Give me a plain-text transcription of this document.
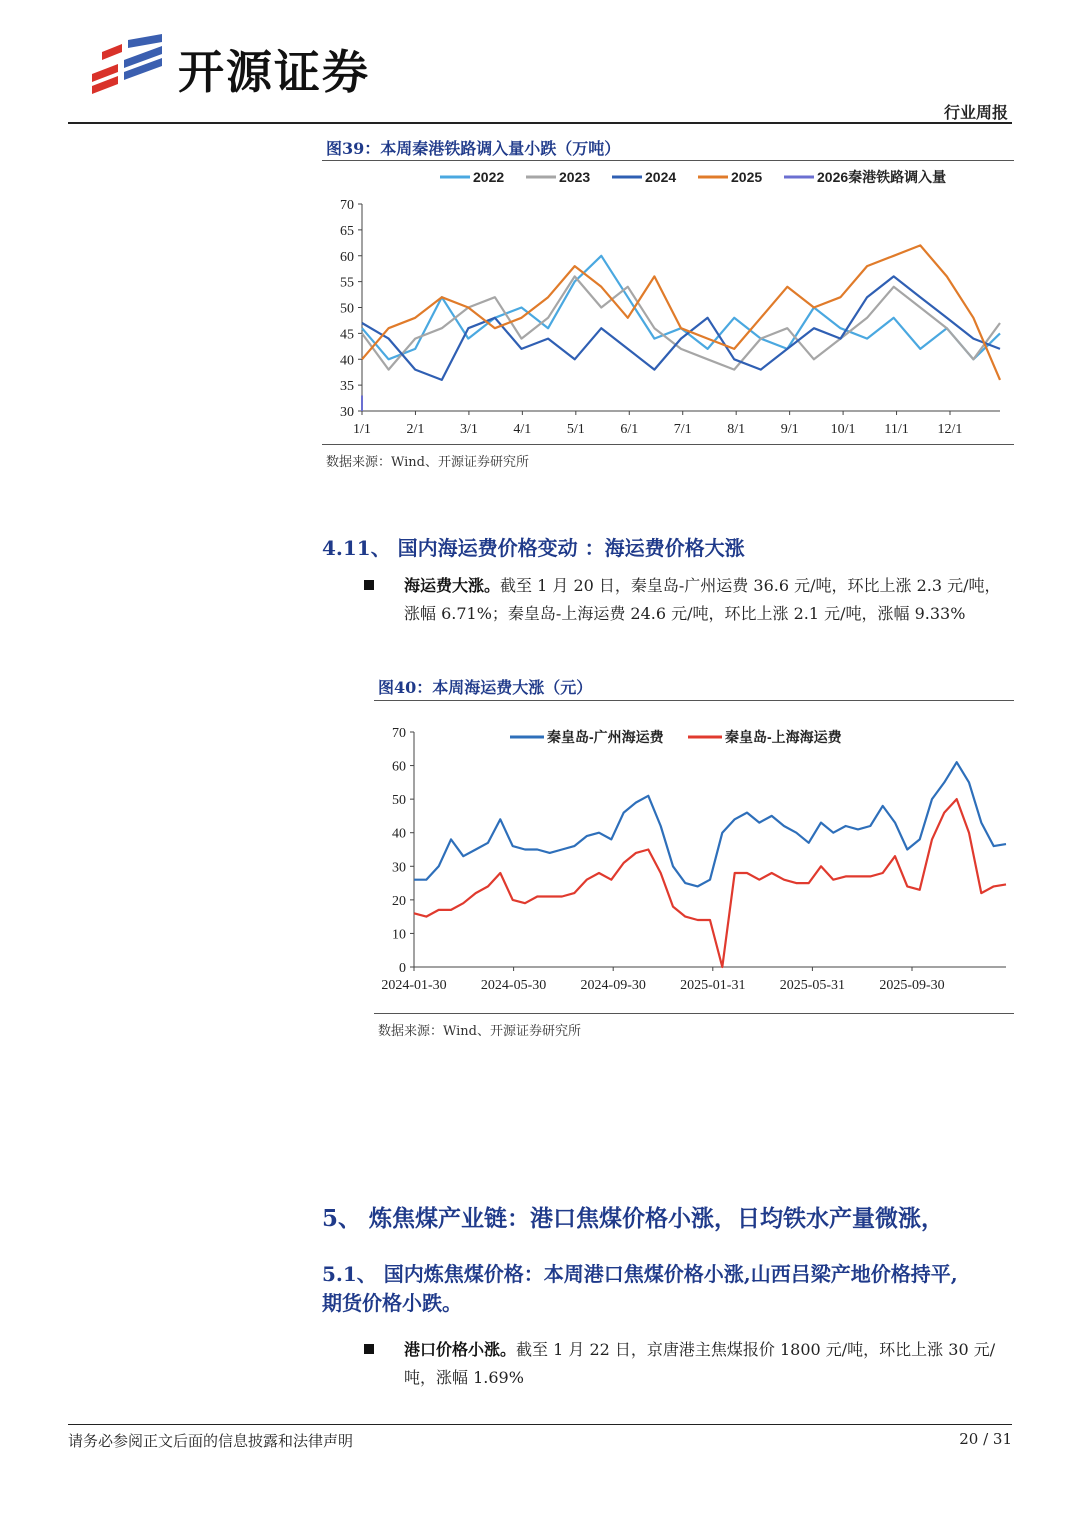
开源证券
行业周报
图39：本周秦港铁路调入量小跌（万吨）
70
65
60
55
50
45
40
35
30
1/1	2/1	3/1	4/1	5/1	6/1	7/1	8/1	9/1 10/1 11/1 12/1
2022	2023	2024	2025	2026秦港铁路调入量
数据来源：Wind、开源证券研究所
4.11、 国内海运费价格变动 ：海运费价格大涨
海运费大涨。截至 1 月 20 日，秦皇岛-广州运费 36.6 元/吨，环比上涨 2.3 元/吨，涨幅 6.71%；秦皇岛-上海运费 24.6 元/吨，环比上涨 2.1 元/吨，涨幅 9.33%
图40：本周海运费大涨（元）
70
60
50
40
30
20
10
0
2024-01-30 2024-05-30 2024-09-30 2025-01-31 2025-05-31 2025-09-30
秦皇岛-广州海运费	秦皇岛-上海海运费
数据来源：Wind、开源证券研究所
5、 炼焦煤产业链：港口焦煤价格小涨，日均铁水产量微涨，
5.1、 国内炼焦煤价格：本周港口焦煤价格小涨,山西吕梁产地价格持平,
期货价格小跌。
港口价格小涨。截至 1 月 22 日，京唐港主焦煤报价 1800 元/吨，环比上涨 30 元/吨，涨幅 1.69%
请务必参阅正文后面的信息披露和法律声明	20 / 31
